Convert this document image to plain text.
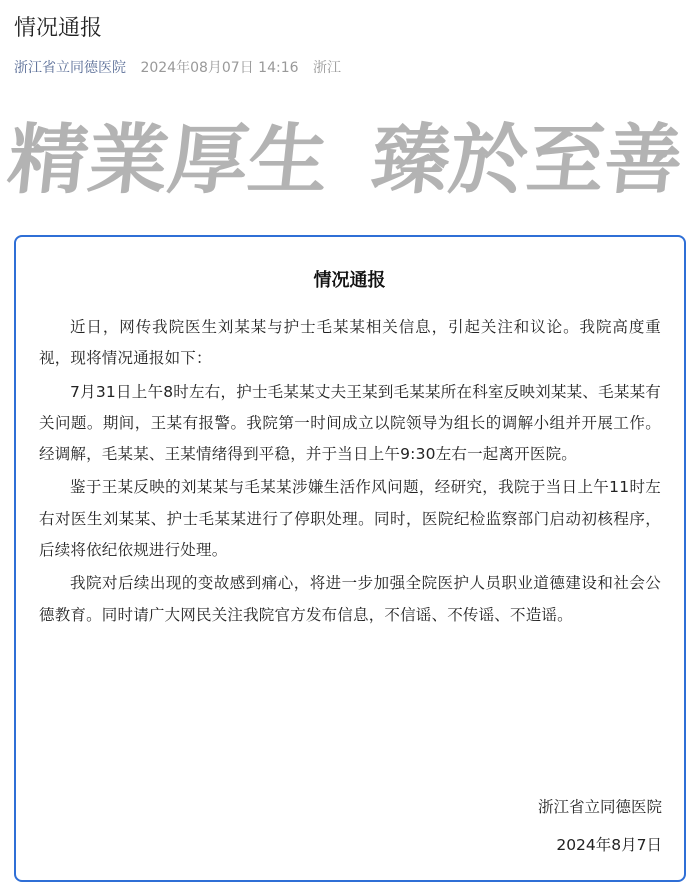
情况通报
浙江省立同德医院 2024年08月07日 14:16 浙江
精業厚生 臻於至善
情况通报

近日，网传我院医生刘某某与护士毛某某相关信息，引起关注和议论。我院高度重视，现将情况通报如下：

7月31日上午8时左右，护士毛某某丈夫王某到毛某某所在科室反映刘某某、毛某某有关问题。期间，王某有报警。我院第一时间成立以院领导为组长的调解小组并开展工作。经调解，毛某某、王某情绪得到平稳，并于当日上午9:30左右一起离开医院。

鉴于王某反映的刘某某与毛某某涉嫌生活作风问题，经研究，我院于当日上午11时左右对医生刘某某、护士毛某某进行了停职处理。同时，医院纪检监察部门启动初核程序，后续将依纪依规进行处理。

我院对后续出现的变故感到痛心，将进一步加强全院医护人员职业道德建设和社会公德教育。同时请广大网民关注我院官方发布信息，不信谣、不传谣、不造谣。

浙江省立同德医院
2024年8月7日
